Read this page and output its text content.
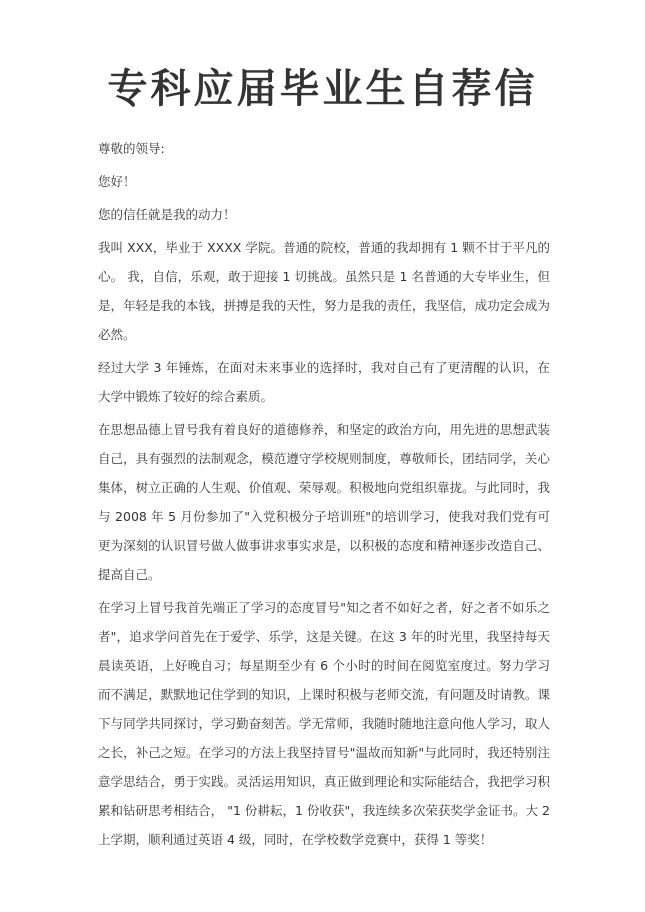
专科应届毕业生自荐信

尊敬的领导:

您好！

您的信任就是我的动力！

我叫 XXX，毕业于 XXXX 学院。普通的院校，普通的我却拥有 1 颗不甘于平凡的心。 我，自信，乐观，敢于迎接 1 切挑战。虽然只是 1 名普通的大专毕业生，但是，年轻是我的本钱，拼搏是我的天性，努力是我的责任，我坚信，成功定会成为必然。

经过大学 3 年锤炼，在面对未来事业的选择时，我对自己有了更清醒的认识，在大学中锻炼了较好的综合素质。

在思想品德上冒号我有着良好的道德修养，和坚定的政治方向，用先进的思想武装自己，具有强烈的法制观念，模范遵守学校规则制度，尊敬师长，团结同学，关心集体，树立正确的人生观、价值观、荣辱观。积极地向党组织靠拢。与此同时，我与 2008 年 5 月份参加了"入党积极分子培训班"的培训学习，使我对我们党有可更为深刻的认识冒号做人做事讲求事实求是，以积极的态度和精神逐步改造自己、提高自己。

在学习上冒号我首先端正了学习的态度冒号"知之者不如好之者，好之者不如乐之者"，追求学问首先在于爱学、乐学，这是关键。在这 3 年的时光里，我坚持每天晨读英语，上好晚自习；每星期至少有 6 个小时的时间在阅览室度过。努力学习而不满足，默默地记住学到的知识，上课时积极与老师交流，有问题及时请教。课下与同学共同探讨，学习勤奋刻苦。学无常师，我随时随地注意向他人学习，取人之长，补己之短。在学习的方法上我坚持冒号"温故而知新"与此同时，我还特别注意学思结合，勇于实践。灵活运用知识，真正做到理论和实际能结合，我把学习积累和钻研思考相结合， "1 份耕耘，1 份收获"，我连续多次荣获奖学金证书。大 2 上学期，顺利通过英语 4 级，同时，在学校数学竞赛中，获得 1 等奖！
